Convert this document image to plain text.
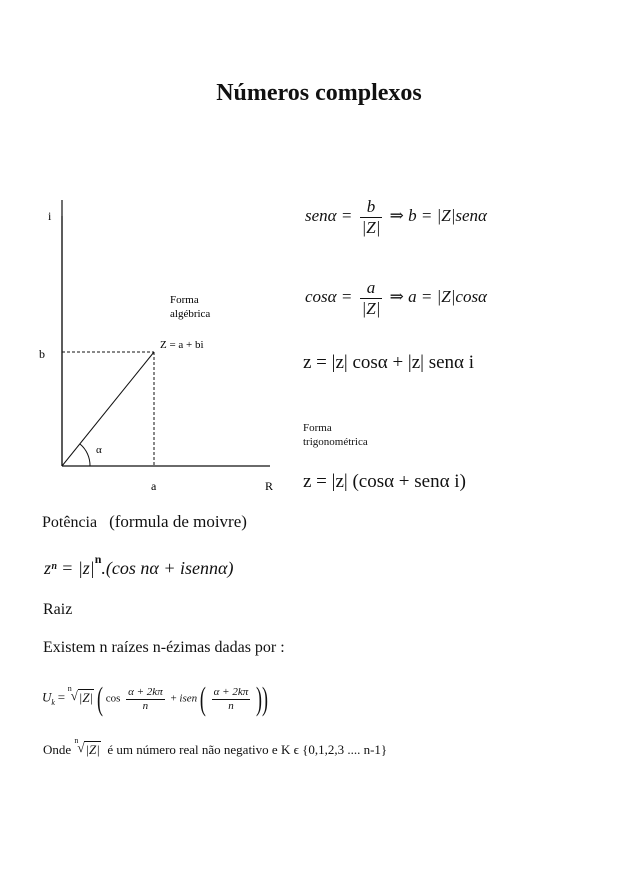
Números complexos
i
R
b
a
α
Z = a + bi
Forma
algébrica
$sen\alpha = \frac{b}{|Z|}$ ⇒ b = |Z|senα
$\cos\alpha = \frac{a}{|Z|}$ ⇒ a = |Z|cosα
z = |z| cosα + |z| senα i
Forma
trigonométrica
z = |z| (cosα + senα i)
Potência (formula de moivre)
$z^n = |z|^n.(\cos$ nα + isennα)
Raiz
Existem n raízes n-ézimas dadas por :
$U_k$ =
n √ |Z| ( $\cos \frac{\alpha + 2k\pi}{n}$ + isen ( $\frac{\alpha + 2k\pi}{n}$ ))
Onde
n √ |Z| é um número real não negativo e K ϵ {0,1,2,3 .... n-1}
